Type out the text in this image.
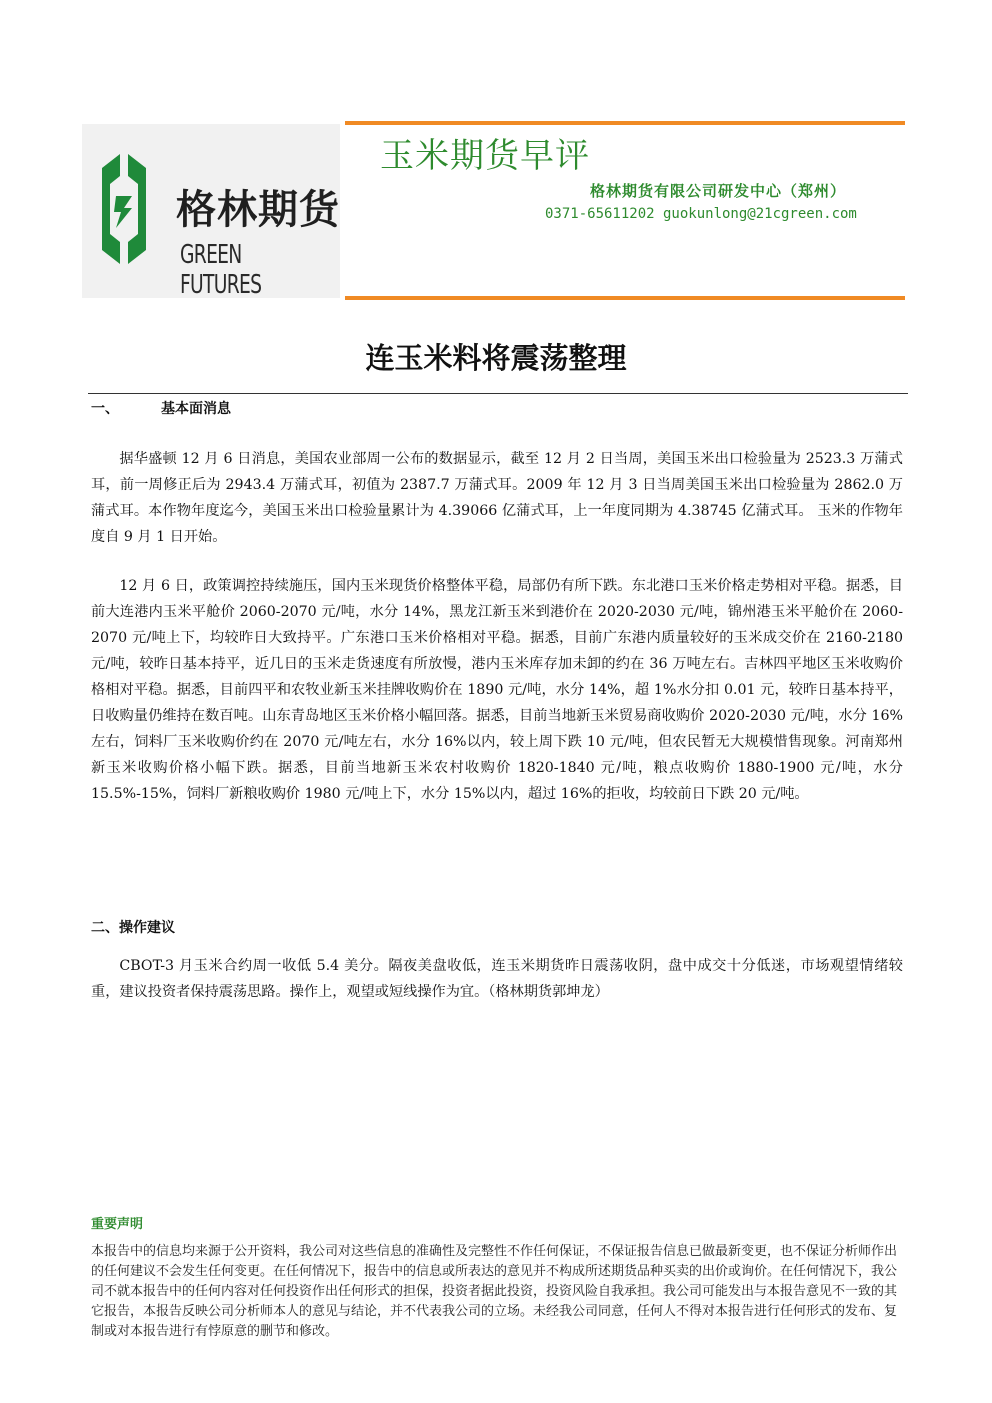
格林期货
GREEN FUTURES
玉米期货早评
格林期货有限公司研发中心（郑州）
0371-65611202 guokunlong@21cgreen.com
连玉米料将震荡整理
一、	基本面消息

据华盛顿 12 月 6 日消息，美国农业部周一公布的数据显示，截至 12 月 2 日当周，美国玉米出口检验量为 2523.3 万蒲式耳，前一周修正后为 2943.4 万蒲式耳，初值为 2387.7 万蒲式耳。2009 年 12 月 3 日当周美国玉米出口检验量为 2862.0 万蒲式耳。本作物年度迄今，美国玉米出口检验量累计为 4.39066 亿蒲式耳，上一年度同期为 4.38745 亿蒲式耳。 玉米的作物年度自 9 月 1 日开始。

12 月 6 日，政策调控持续施压，国内玉米现货价格整体平稳，局部仍有所下跌。东北港口玉米价格走势相对平稳。据悉，目前大连港内玉米平舱价 2060-2070 元/吨，水分 14%，黑龙江新玉米到港价在 2020-2030 元/吨，锦州港玉米平舱价在 2060-2070 元/吨上下，均较昨日大致持平。广东港口玉米价格相对平稳。据悉，目前广东港内质量较好的玉米成交价在 2160-2180 元/吨，较昨日基本持平，近几日的玉米走货速度有所放慢，港内玉米库存加未卸的约在 36 万吨左右。吉林四平地区玉米收购价格相对平稳。据悉，目前四平和农牧业新玉米挂牌收购价在 1890 元/吨，水分 14%，超 1%水分扣 0.01 元，较昨日基本持平，日收购量仍维持在数百吨。山东青岛地区玉米价格小幅回落。据悉，目前当地新玉米贸易商收购价 2020-2030 元/吨，水分 16%左右，饲料厂玉米收购价约在 2070 元/吨左右，水分 16%以内，较上周下跌 10 元/吨，但农民暂无大规模惜售现象。河南郑州新玉米收购价格小幅下跌。据悉，目前当地新玉米农村收购价 1820-1840 元/吨，粮点收购价 1880-1900 元/吨，水分 15.5%-15%，饲料厂新粮收购价 1980 元/吨上下，水分 15%以内，超过 16%的拒收，均较前日下跌 20 元/吨。

二、操作建议

CBOT-3 月玉米合约周一收低 5.4 美分。隔夜美盘收低，连玉米期货昨日震荡收阴，盘中成交十分低迷，市场观望情绪较重，建议投资者保持震荡思路。操作上，观望或短线操作为宜。（格林期货郭坤龙）

重要声明

本报告中的信息均来源于公开资料，我公司对这些信息的准确性及完整性不作任何保证，不保证报告信息已做最新变更，也不保证分析师作出的任何建议不会发生任何变更。在任何情况下，报告中的信息或所表达的意见并不构成所述期货品种买卖的出价或询价。在任何情况下，我公司不就本报告中的任何内容对任何投资作出任何形式的担保，投资者据此投资，投资风险自我承担。我公司可能发出与本报告意见不一致的其它报告，本报告反映公司分析师本人的意见与结论，并不代表我公司的立场。未经我公司同意，任何人不得对本报告进行任何形式的发布、复制或对本报告进行有悖原意的删节和修改。
